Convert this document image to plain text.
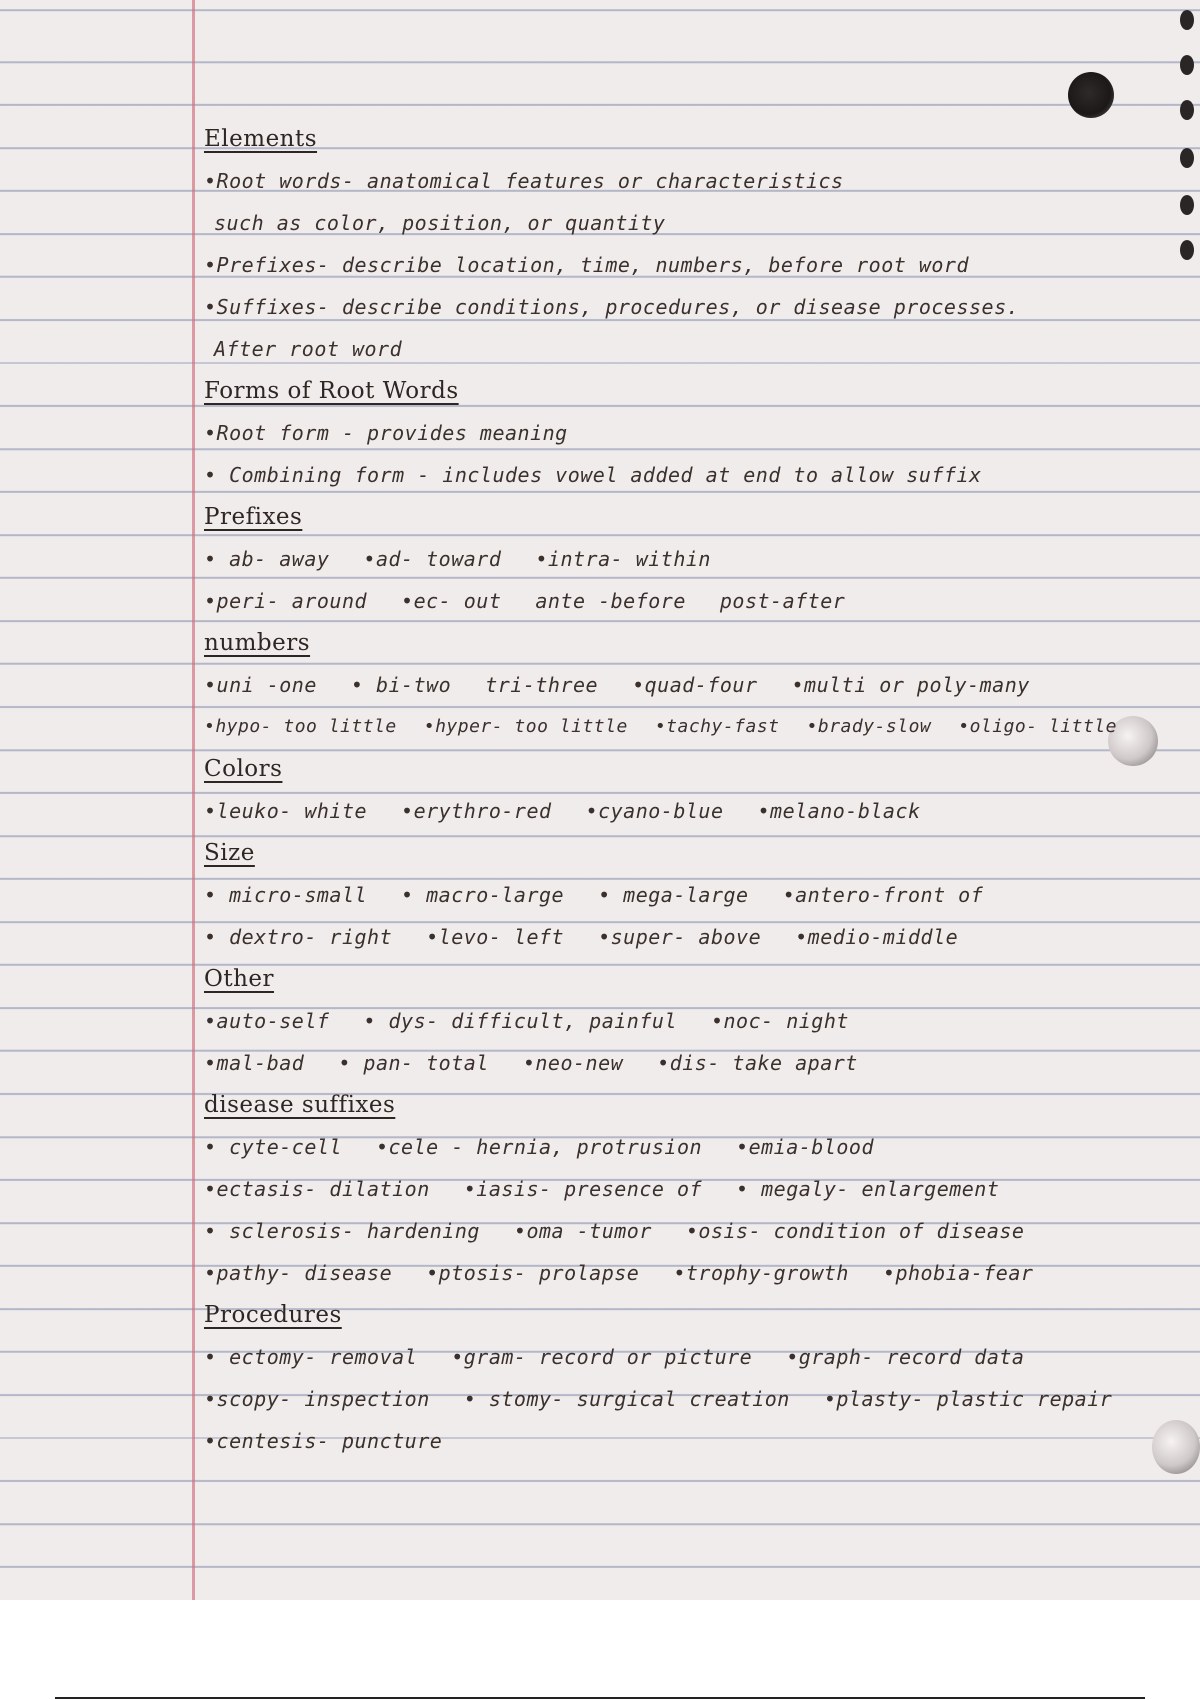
Elements
•Root words- anatomical features or characteristics
such as color, position, or quantity
•Prefixes- describe location, time, numbers, before root word
•Suffixes- describe conditions, procedures, or disease processes.
After root word
Forms of Root Words
•Root form - provides meaning
• Combining form - includes vowel added at end to allow suffix
Prefixes
• ab- away •ad- toward •intra- within
•peri- around •ec- out ante -before post-after
numbers
•uni -one • bi-two tri-three •quad-four •multi or poly-many
•hypo- too little •hyper- too little •tachy-fast •brady-slow •oligo- little
Colors
•leuko- white •erythro-red •cyano-blue •melano-black
Size
• micro-small • macro-large • mega-large •antero-front of
• dextro- right •levo- left •super- above •medio-middle
Other
•auto-self • dys- difficult, painful •noc- night
•mal-bad • pan- total •neo-new •dis- take apart
disease suffixes
• cyte-cell •cele - hernia, protrusion •emia-blood
•ectasis- dilation •iasis- presence of • megaly- enlargement
• sclerosis- hardening •oma -tumor •osis- condition of disease
•pathy- disease •ptosis- prolapse •trophy-growth •phobia-fear
Procedures
• ectomy- removal •gram- record or picture •graph- record data
•scopy- inspection • stomy- surgical creation •plasty- plastic repair
•centesis- puncture
